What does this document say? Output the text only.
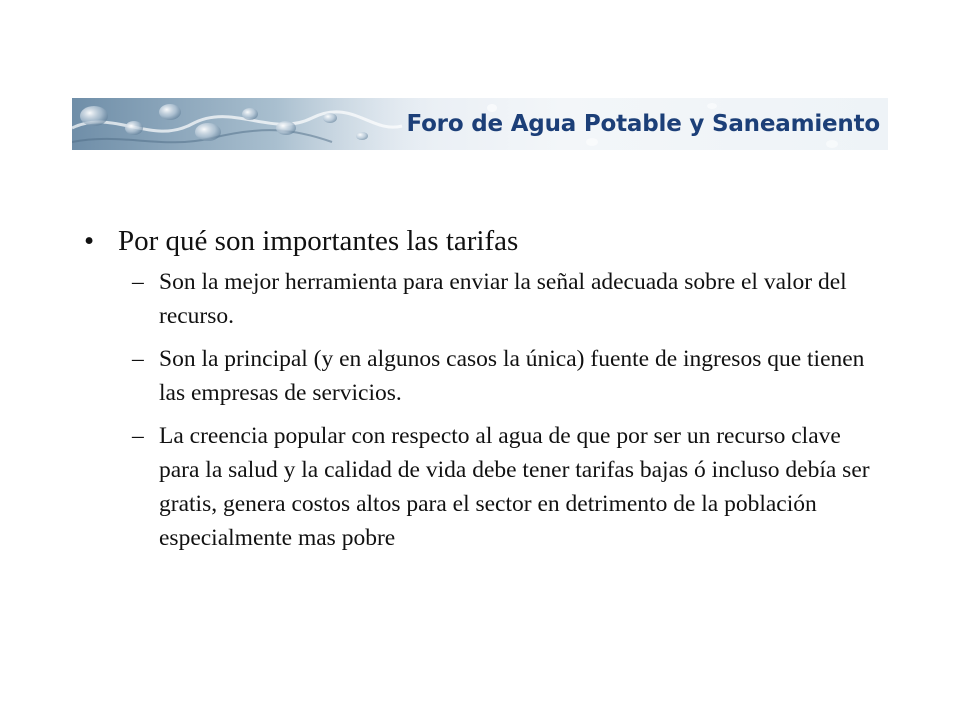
Foro de Agua Potable y Saneamiento
• Por qué son importantes las tarifas
– Son la mejor herramienta para enviar la señal adecuada sobre el valor del recurso.
– Son la principal (y en algunos casos la única) fuente de ingresos que tienen las empresas de servicios.
– La creencia popular con respecto al agua de que por ser un recurso clave para la salud y la calidad de vida debe tener tarifas bajas ó incluso debía ser gratis, genera costos altos para el sector en detrimento de la población especialmente mas pobre
